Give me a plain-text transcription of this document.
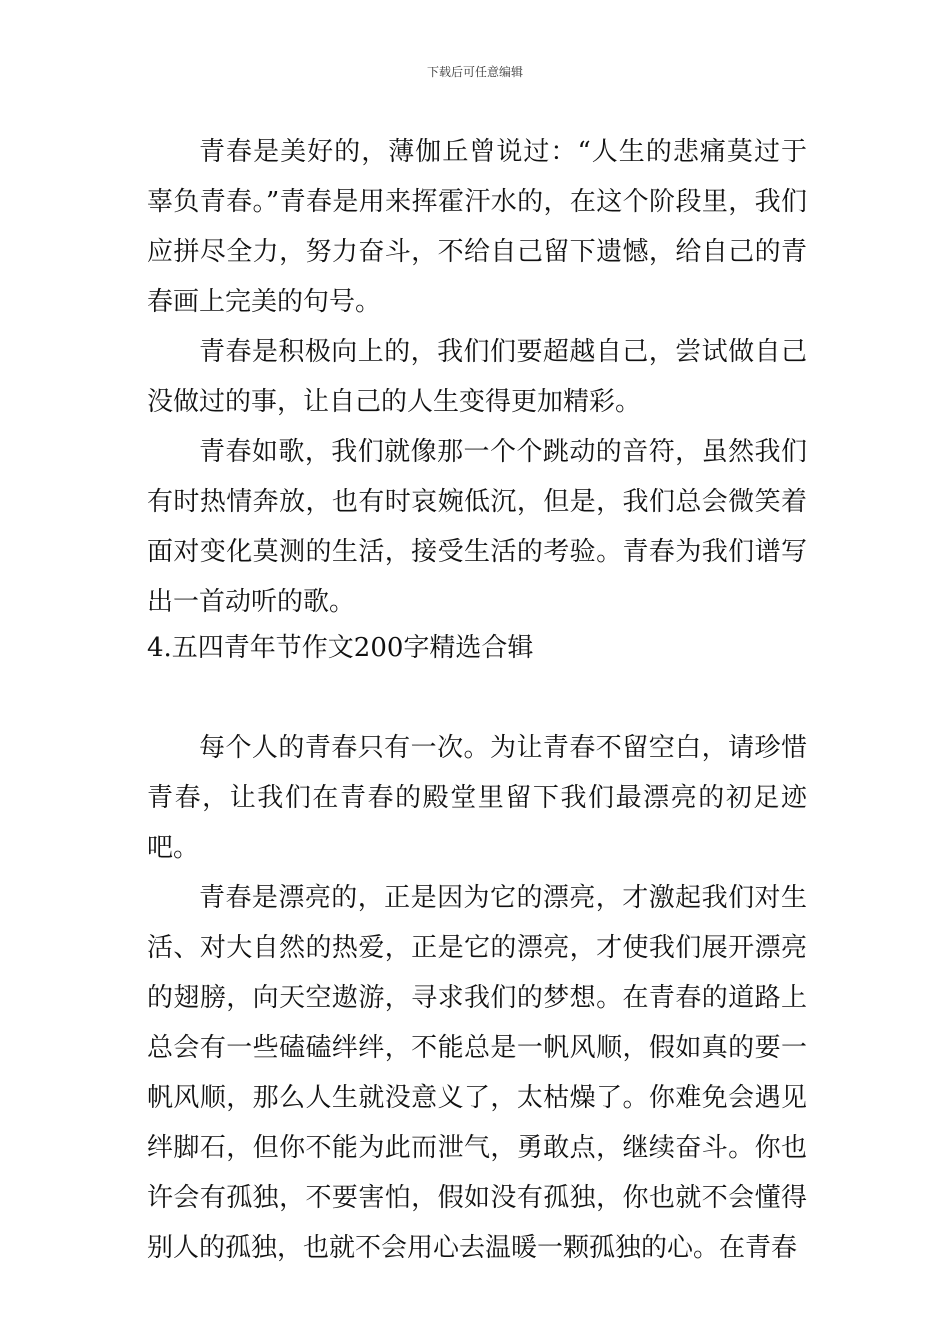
下载后可任意编辑

青春是美好的，薄伽丘曾说过：“人生的悲痛莫过于辜负青春。”青春是用来挥霍汗水的，在这个阶段里，我们应拼尽全力，努力奋斗，不给自己留下遗憾，给自己的青春画上完美的句号。

青春是积极向上的，我们们要超越自己，尝试做自己没做过的事，让自己的人生变得更加精彩。

青春如歌，我们就像那一个个跳动的音符，虽然我们有时热情奔放，也有时哀婉低沉，但是，我们总会微笑着面对变化莫测的生活，接受生活的考验。青春为我们谱写出一首动听的歌。

4.五四青年节作文200字精选合辑

每个人的青春只有一次。为让青春不留空白，请珍惜青春，让我们在青春的殿堂里留下我们最漂亮的初足迹吧。

青春是漂亮的，正是因为它的漂亮，才激起我们对生活、对大自然的热爱，正是它的漂亮，才使我们展开漂亮的翅膀，向天空遨游，寻求我们的梦想。在青春的道路上总会有一些磕磕绊绊，不能总是一帆风顺，假如真的要一帆风顺，那么人生就没意义了，太枯燥了。你难免会遇见绊脚石，但你不能为此而泄气，勇敢点，继续奋斗。你也许会有孤独，不要害怕，假如没有孤独，你也就不会懂得别人的孤独，也就不会用心去温暖一颗孤独的心。在青春
